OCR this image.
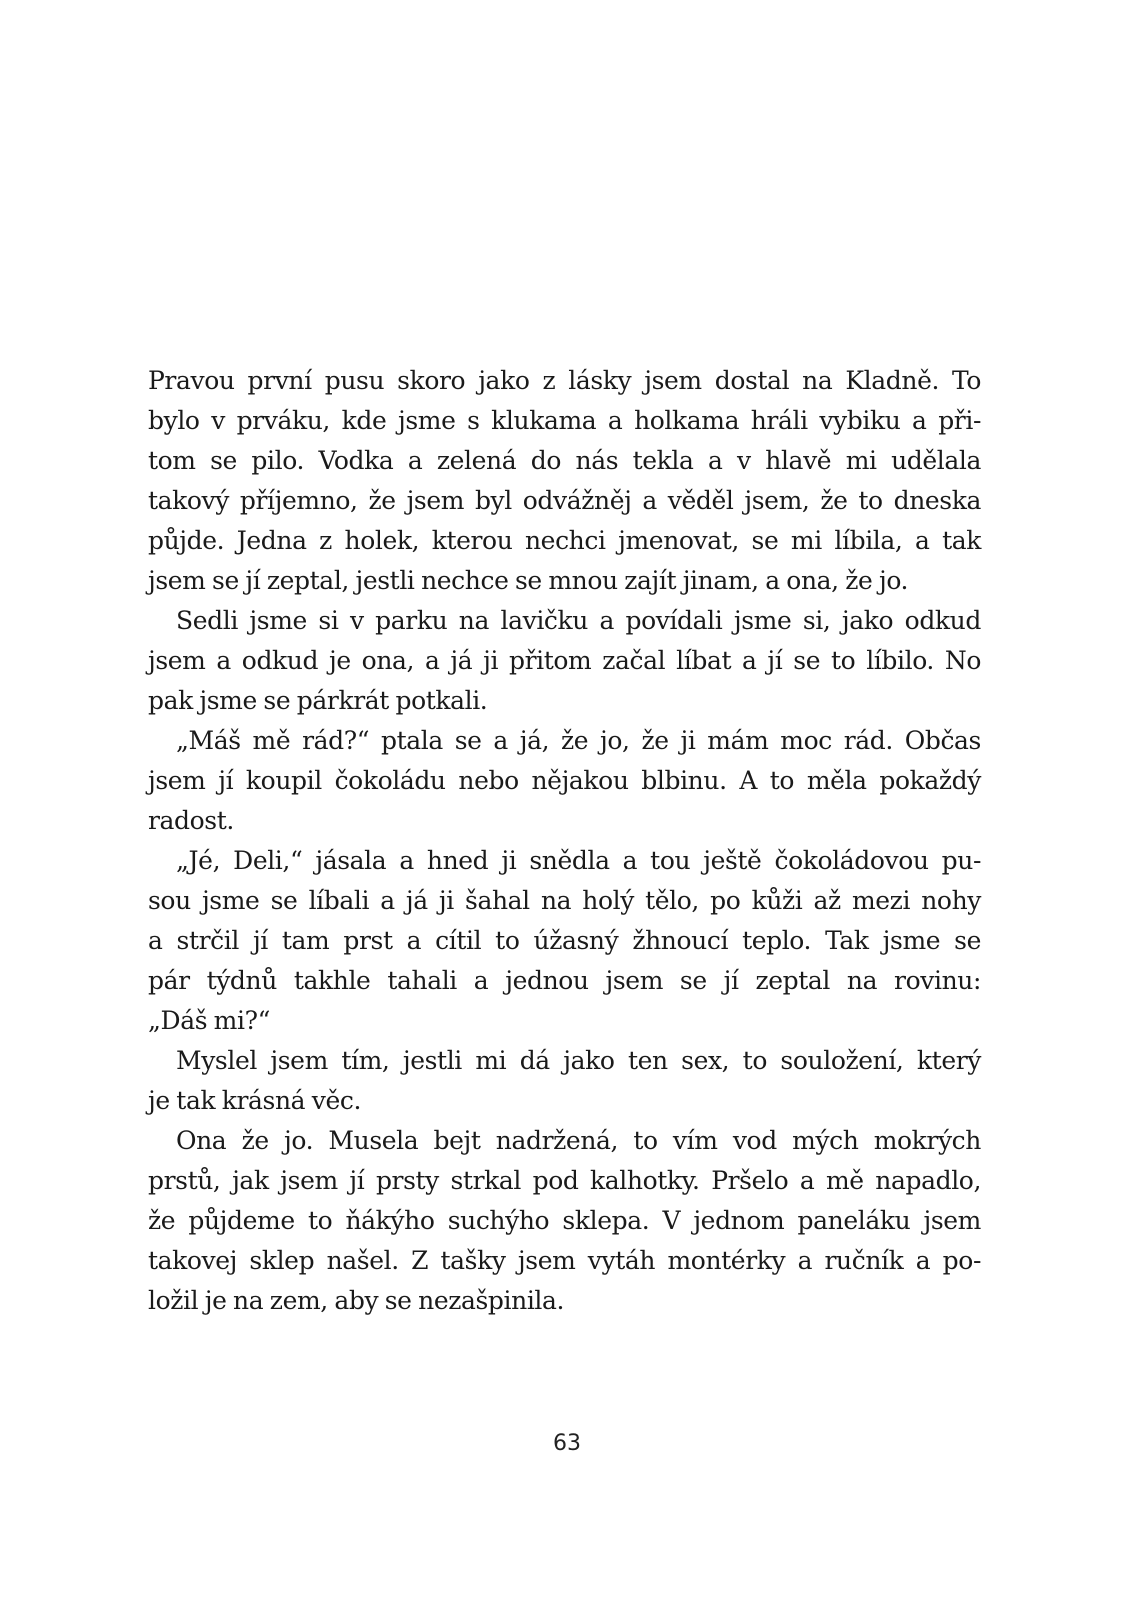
Pravou první pusu skoro jako z lásky jsem dostal na Kladně. To
bylo v prváku, kde jsme s klukama a holkama hráli vybiku a při-
tom se pilo. Vodka a zelená do nás tekla a v hlavě mi udělala
takový příjemno, že jsem byl odvážněj a věděl jsem, že to dneska
půjde. Jedna z holek, kterou nechci jmenovat, se mi líbila, a tak
jsem se jí zeptal, jestli nechce se mnou zajít jinam, a ona, že jo.
Sedli jsme si v parku na lavičku a povídali jsme si, jako odkud
jsem a odkud je ona, a já ji přitom začal líbat a jí se to líbilo. No
pak jsme se párkrát potkali.
„Máš mě rád?“ ptala se a já, že jo, že ji mám moc rád. Občas
jsem jí koupil čokoládu nebo nějakou blbinu. A to měla pokaždý
radost.
„Jé, Deli,“ jásala a hned ji snědla a tou ještě čokoládovou pu-
sou jsme se líbali a já ji šahal na holý tělo, po kůži až mezi nohy
a strčil jí tam prst a cítil to úžasný žhnoucí teplo. Tak jsme se
pár týdnů takhle tahali a jednou jsem se jí zeptal na rovinu:
„Dáš mi?“
Myslel jsem tím, jestli mi dá jako ten sex, to souložení, který
je tak krásná věc.
Ona že jo. Musela bejt nadržená, to vím vod mých mokrých
prstů, jak jsem jí prsty strkal pod kalhotky. Pršelo a mě napadlo,
že půjdeme to ňákýho suchýho sklepa. V jednom paneláku jsem
takovej sklep našel. Z tašky jsem vytáh montérky a ručník a po-
ložil je na zem, aby se nezašpinila.
63
